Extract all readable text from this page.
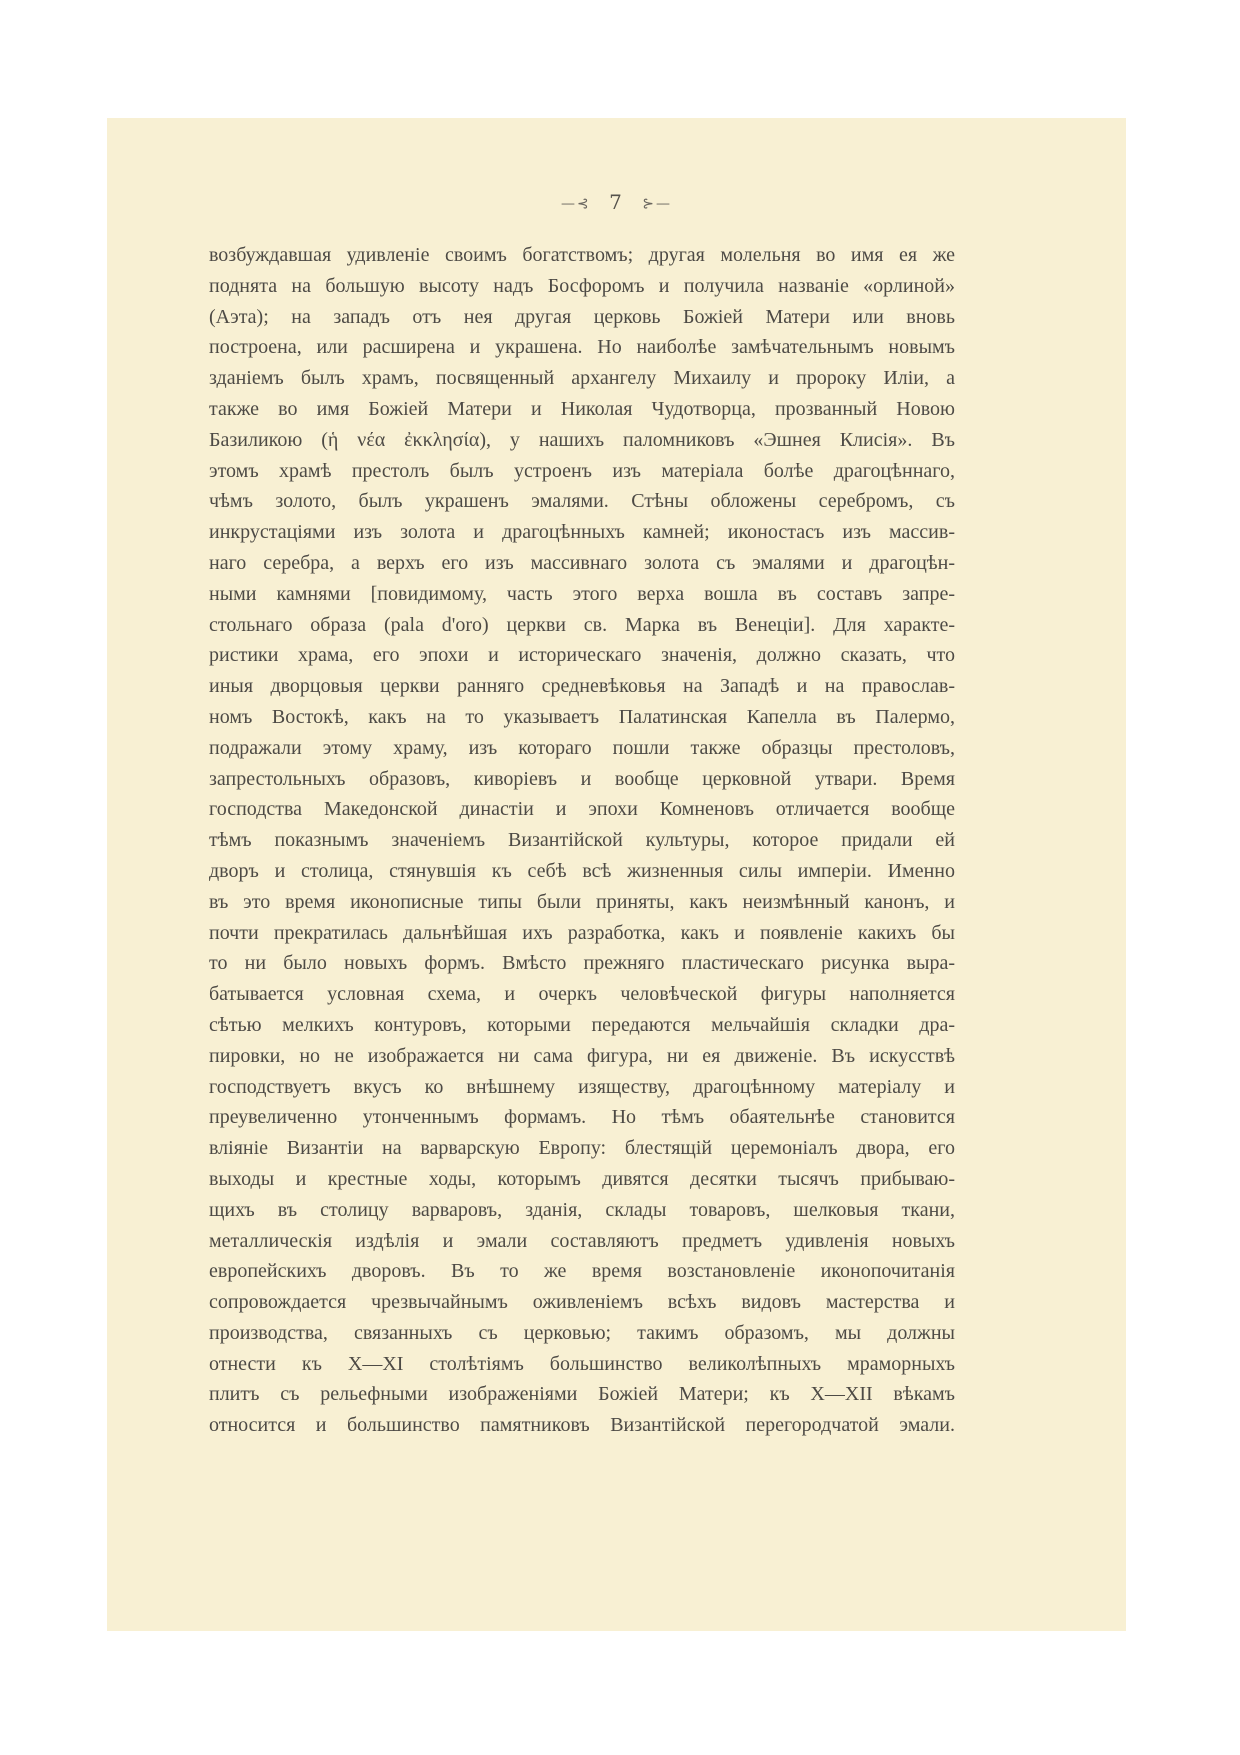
—⊰ 7 ⊱—
возбуждавшая удивленіе своимъ богатствомъ; другая молельня во имя ея же
поднята на большую высоту надъ Босфоромъ и получила названіе «орлиной»
(Аэта); на западъ отъ нея другая церковь Божіей Матери или вновь
построена, или расширена и украшена. Но наиболѣе замѣчательнымъ новымъ
зданіемъ былъ храмъ, посвященный архангелу Михаилу и пророку Иліи, а
также во имя Божіей Матери и Николая Чудотворца, прозванный Новою
Базиликою (ἡ νέα ἐκκλησία), у нашихъ паломниковъ «Эшнея Клисія». Въ
этомъ храмѣ престолъ былъ устроенъ изъ матеріала болѣе драгоцѣннаго,
чѣмъ золото, былъ украшенъ эмалями. Стѣны обложены серебромъ, съ
инкрустаціями изъ золота и драгоцѣнныхъ камней; иконостасъ изъ массив-
наго серебра, а верхъ его изъ массивнаго золота съ эмалями и драгоцѣн-
ными камнями [повидимому, часть этого верха вошла въ составъ запре-
стольнаго образа (pala d'oro) церкви св. Марка въ Венеціи]. Для характе-
ристики храма, его эпохи и историческаго значенія, должно сказать, что
иныя дворцовыя церкви ранняго средневѣковья на Западѣ и на православ-
номъ Востокѣ, какъ на то указываетъ Палатинская Капелла въ Палермо,
подражали этому храму, изъ котораго пошли также образцы престоловъ,
запрестольныхъ образовъ, киворіевъ и вообще церковной утвари. Время
господства Македонской династіи и эпохи Комненовъ отличается вообще
тѣмъ показнымъ значеніемъ Византійской культуры, которое придали ей
дворъ и столица, стянувшія къ себѣ всѣ жизненныя силы имперіи. Именно
въ это время иконописные типы были приняты, какъ неизмѣнный канонъ, и
почти прекратилась дальнѣйшая ихъ разработка, какъ и появленіе какихъ бы
то ни было новыхъ формъ. Вмѣсто прежняго пластическаго рисунка выра-
батывается условная схема, и очеркъ человѣческой фигуры наполняется
сѣтью мелкихъ контуровъ, которыми передаются мельчайшія складки дра-
пировки, но не изображается ни сама фигура, ни ея движеніе. Въ искусствѣ
господствуетъ вкусъ ко внѣшнему изяществу, драгоцѣнному матеріалу и
преувеличенно утонченнымъ формамъ. Но тѣмъ обаятельнѣе становится
вліяніе Византіи на варварскую Европу: блестящій церемоніалъ двора, его
выходы и крестные ходы, которымъ дивятся десятки тысячъ прибываю-
щихъ въ столицу варваровъ, зданія, склады товаровъ, шелковыя ткани,
металлическія издѣлія и эмали составляютъ предметъ удивленія новыхъ
европейскихъ дворовъ. Въ то же время возстановленіе иконопочитанія
сопровождается чрезвычайнымъ оживленіемъ всѣхъ видовъ мастерства и
производства, связанныхъ съ церковью; такимъ образомъ, мы должны
отнести къ X—XI столѣтіямъ большинство великолѣпныхъ мраморныхъ
плитъ съ рельефными изображеніями Божіей Матери; къ X—XII вѣкамъ
относится и большинство памятниковъ Византійской перегородчатой эмали.
